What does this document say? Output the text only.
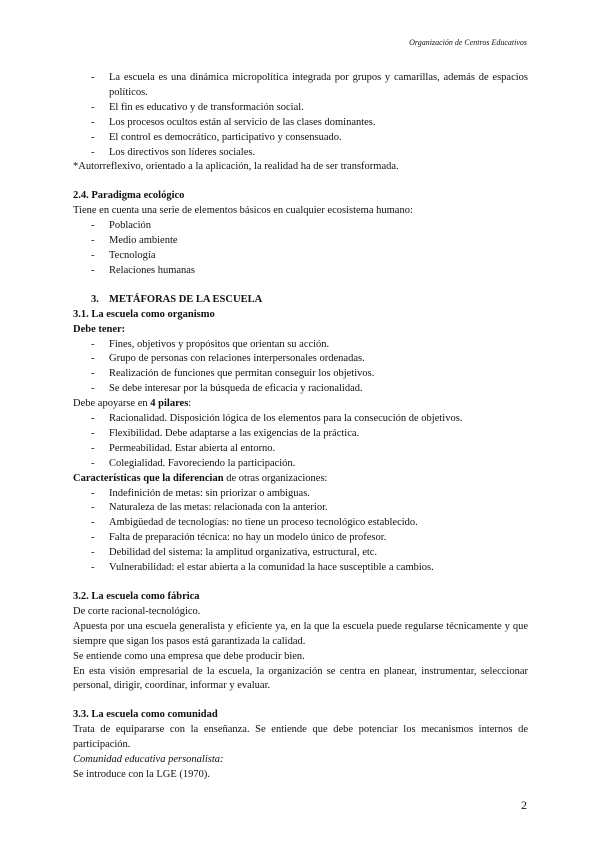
Organización de Centros Educativos
- La escuela es una dinámica micropolítica integrada por grupos y camarillas, además de espacios políticos.
- El fin es educativo y de transformación social.
- Los procesos ocultos están al servicio de las clases dominantes.
- El control es democrático, participativo y consensuado.
- Los directivos son líderes sociales.
*Autorreflexivo, orientado a la aplicación, la realidad ha de ser transformada.
2.4. Paradigma ecológico
Tiene en cuenta una serie de elementos básicos en cualquier ecosistema humano:
- Población
- Medio ambiente
- Tecnología
- Relaciones humanas
3. METÁFORAS DE LA ESCUELA
3.1. La escuela como organismo
Debe tener:
- Fines, objetivos y propósitos que orientan su acción.
- Grupo de personas con relaciones interpersonales ordenadas.
- Realización de funciones que permitan conseguir los objetivos.
- Se debe interesar por la búsqueda de eficacia y racionalidad.
Debe apoyarse en 4 pilares:
- Racionalidad. Disposición lógica de los elementos para la consecución de objetivos.
- Flexibilidad. Debe adaptarse a las exigencias de la práctica.
- Permeabilidad. Estar abierta al entorno.
- Colegialidad. Favoreciendo la participación.
Características que la diferencian de otras organizaciones:
- Indefinición de metas: sin priorizar o ambiguas.
- Naturaleza de las metas: relacionada con la anterior.
- Ambigüedad de tecnologías: no tiene un proceso tecnológico establecido.
- Falta de preparación técnica: no hay un modelo único de profesor.
- Debilidad del sistema: la amplitud organizativa, estructural, etc.
- Vulnerabilidad: el estar abierta a la comunidad la hace susceptible a cambios.
3.2. La escuela como fábrica
De corte racional-tecnológico.
Apuesta por una escuela generalista y eficiente ya, en la que la escuela puede regularse técnicamente y que siempre que sigan los pasos está garantizada la calidad.
Se entiende como una empresa que debe producir bien.
En esta visión empresarial de la escuela, la organización se centra en planear, instrumentar, seleccionar personal, dirigir, coordinar, informar y evaluar.
3.3. La escuela como comunidad
Trata de equipararse con la enseñanza. Se entiende que debe potenciar los mecanismos internos de participación.
Comunidad educativa personalista:
Se introduce con la LGE (1970).
2
